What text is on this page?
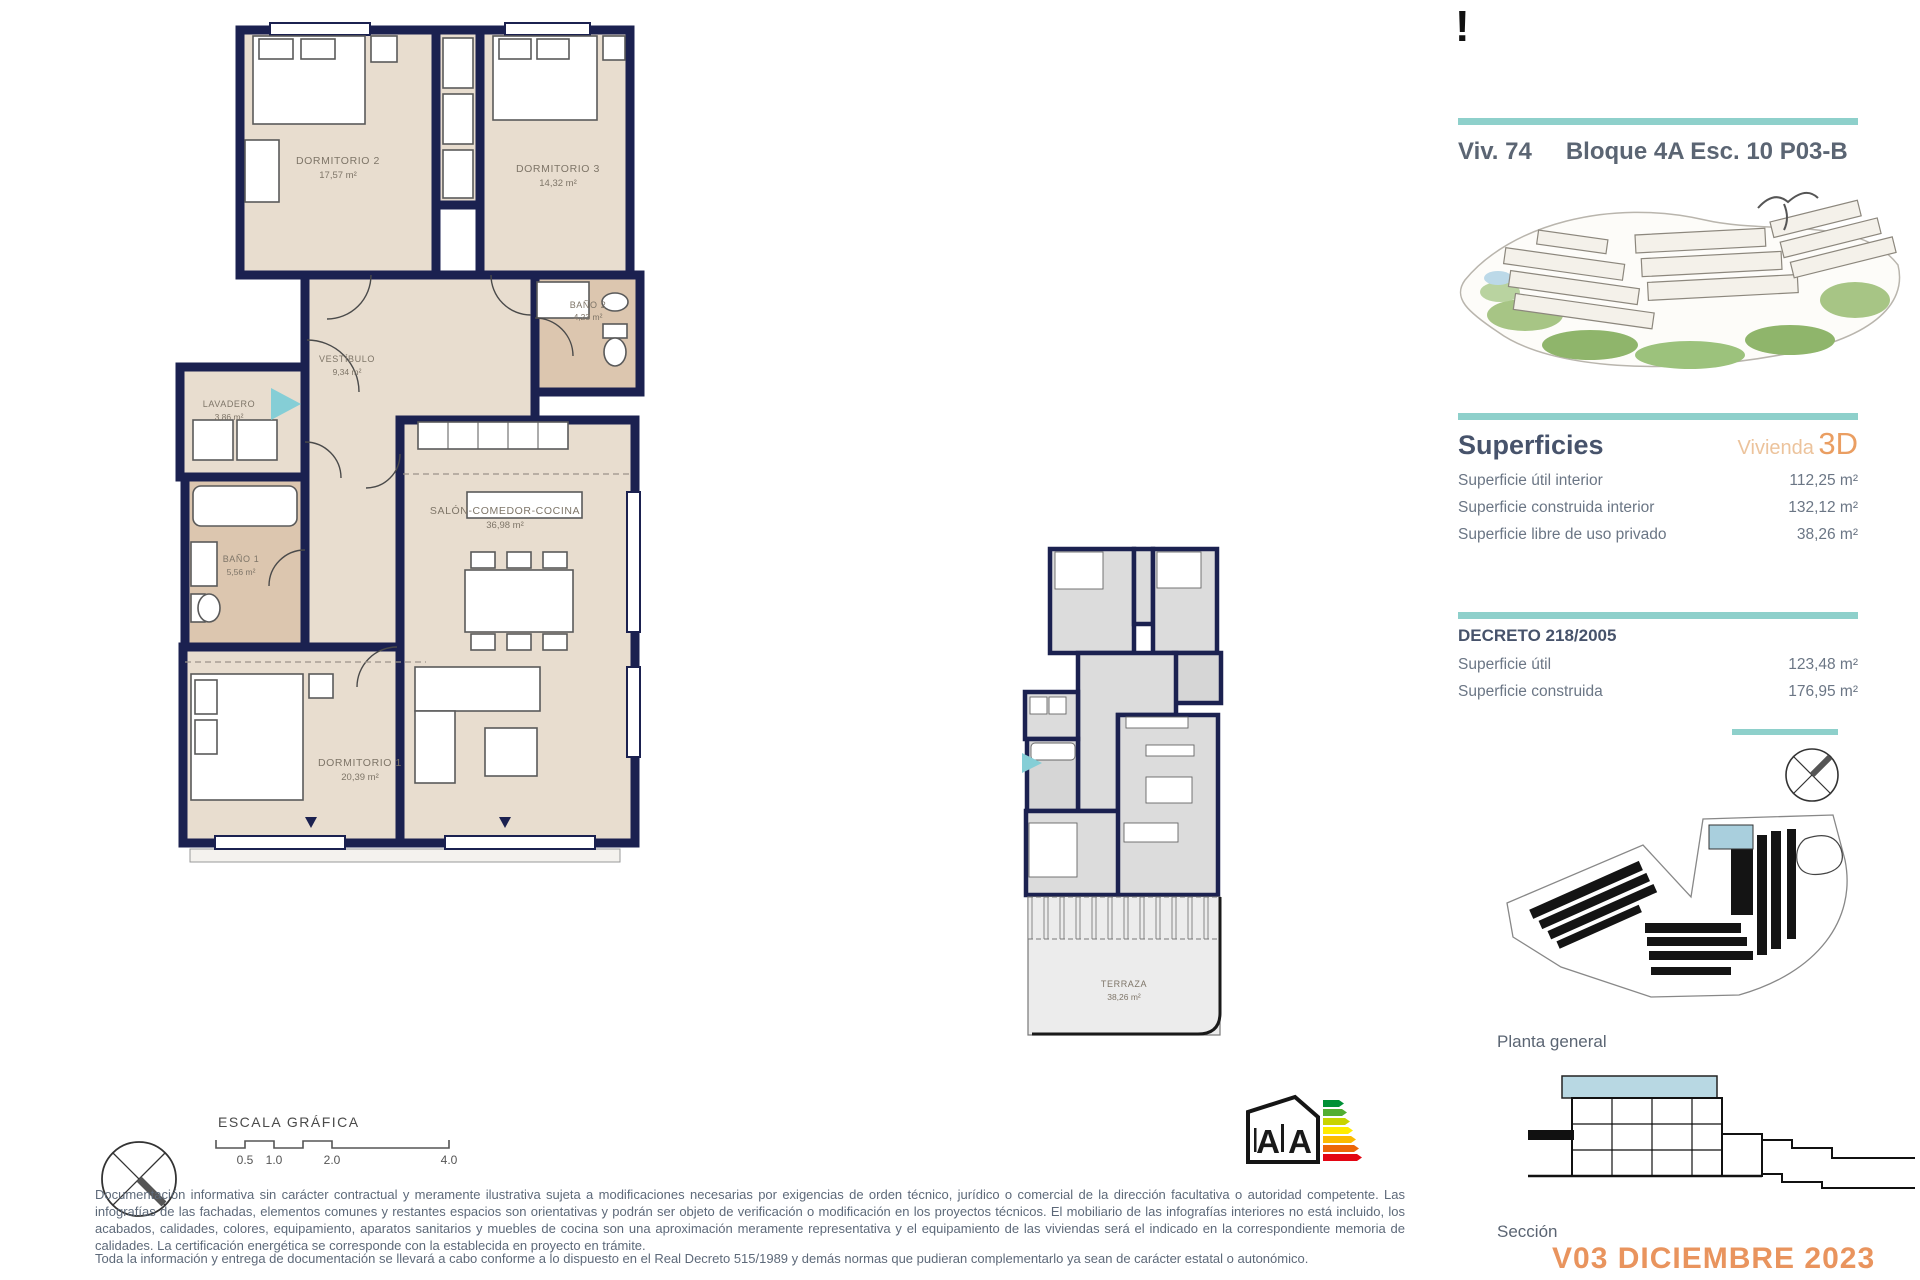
DORMITORIO 2
17,57 m²
DORMITORIO 3
14,32 m²
BAÑO 2
4,23 m²
VESTÍBULO
9,34 m²
LAVADERO
3,86 m²
BAÑO 1
5,56 m²
SALÓN-COMEDOR-COCINA
36,98 m²
DORMITORIO 1
20,39 m²
TERRAZA
38,26 m²
!
Viv. 74 Bloque 4A Esc. 10 P03-B
Superficies	Vivienda 3D
Superficie útil interior	112,25 m²
Superficie construida interior	132,12 m²
Superficie libre de uso privado	38,26 m²
DECRETO 218/2005
Superficie útil	123,48 m²
Superficie construida	176,95 m²
Planta general
Sección
V03 DICIEMBRE 2023
ESCALA GRÁFICA
0.5 1.0	2.0	4.0	A A
Documentación informativa sin carácter contractual y meramente ilustrativa sujeta a modificaciones necesarias por exigencias de orden técnico, jurídico o comercial de la dirección facultativa o autoridad competente. Las infografías de las fachadas, elementos comunes y restantes espacios son orientativas y podrán ser objeto de verificación o modificación en los proyectos técnicos. El mobiliario de las infografías interiores no está incluido, los acabados, calidades, colores, equipamiento, aparatos sanitarios y muebles de cocina son una aproximación meramente representativa y el equipamiento de las viviendas será el indicado en la correspondiente memoria de calidades. La certificación energética se corresponde con la establecida en proyecto en trámite.
Toda la información y entrega de documentación se llevará a cabo conforme a lo dispuesto en el Real Decreto 515/1989 y demás normas que pudieran complementarlo ya sean de carácter estatal o autonómico.
